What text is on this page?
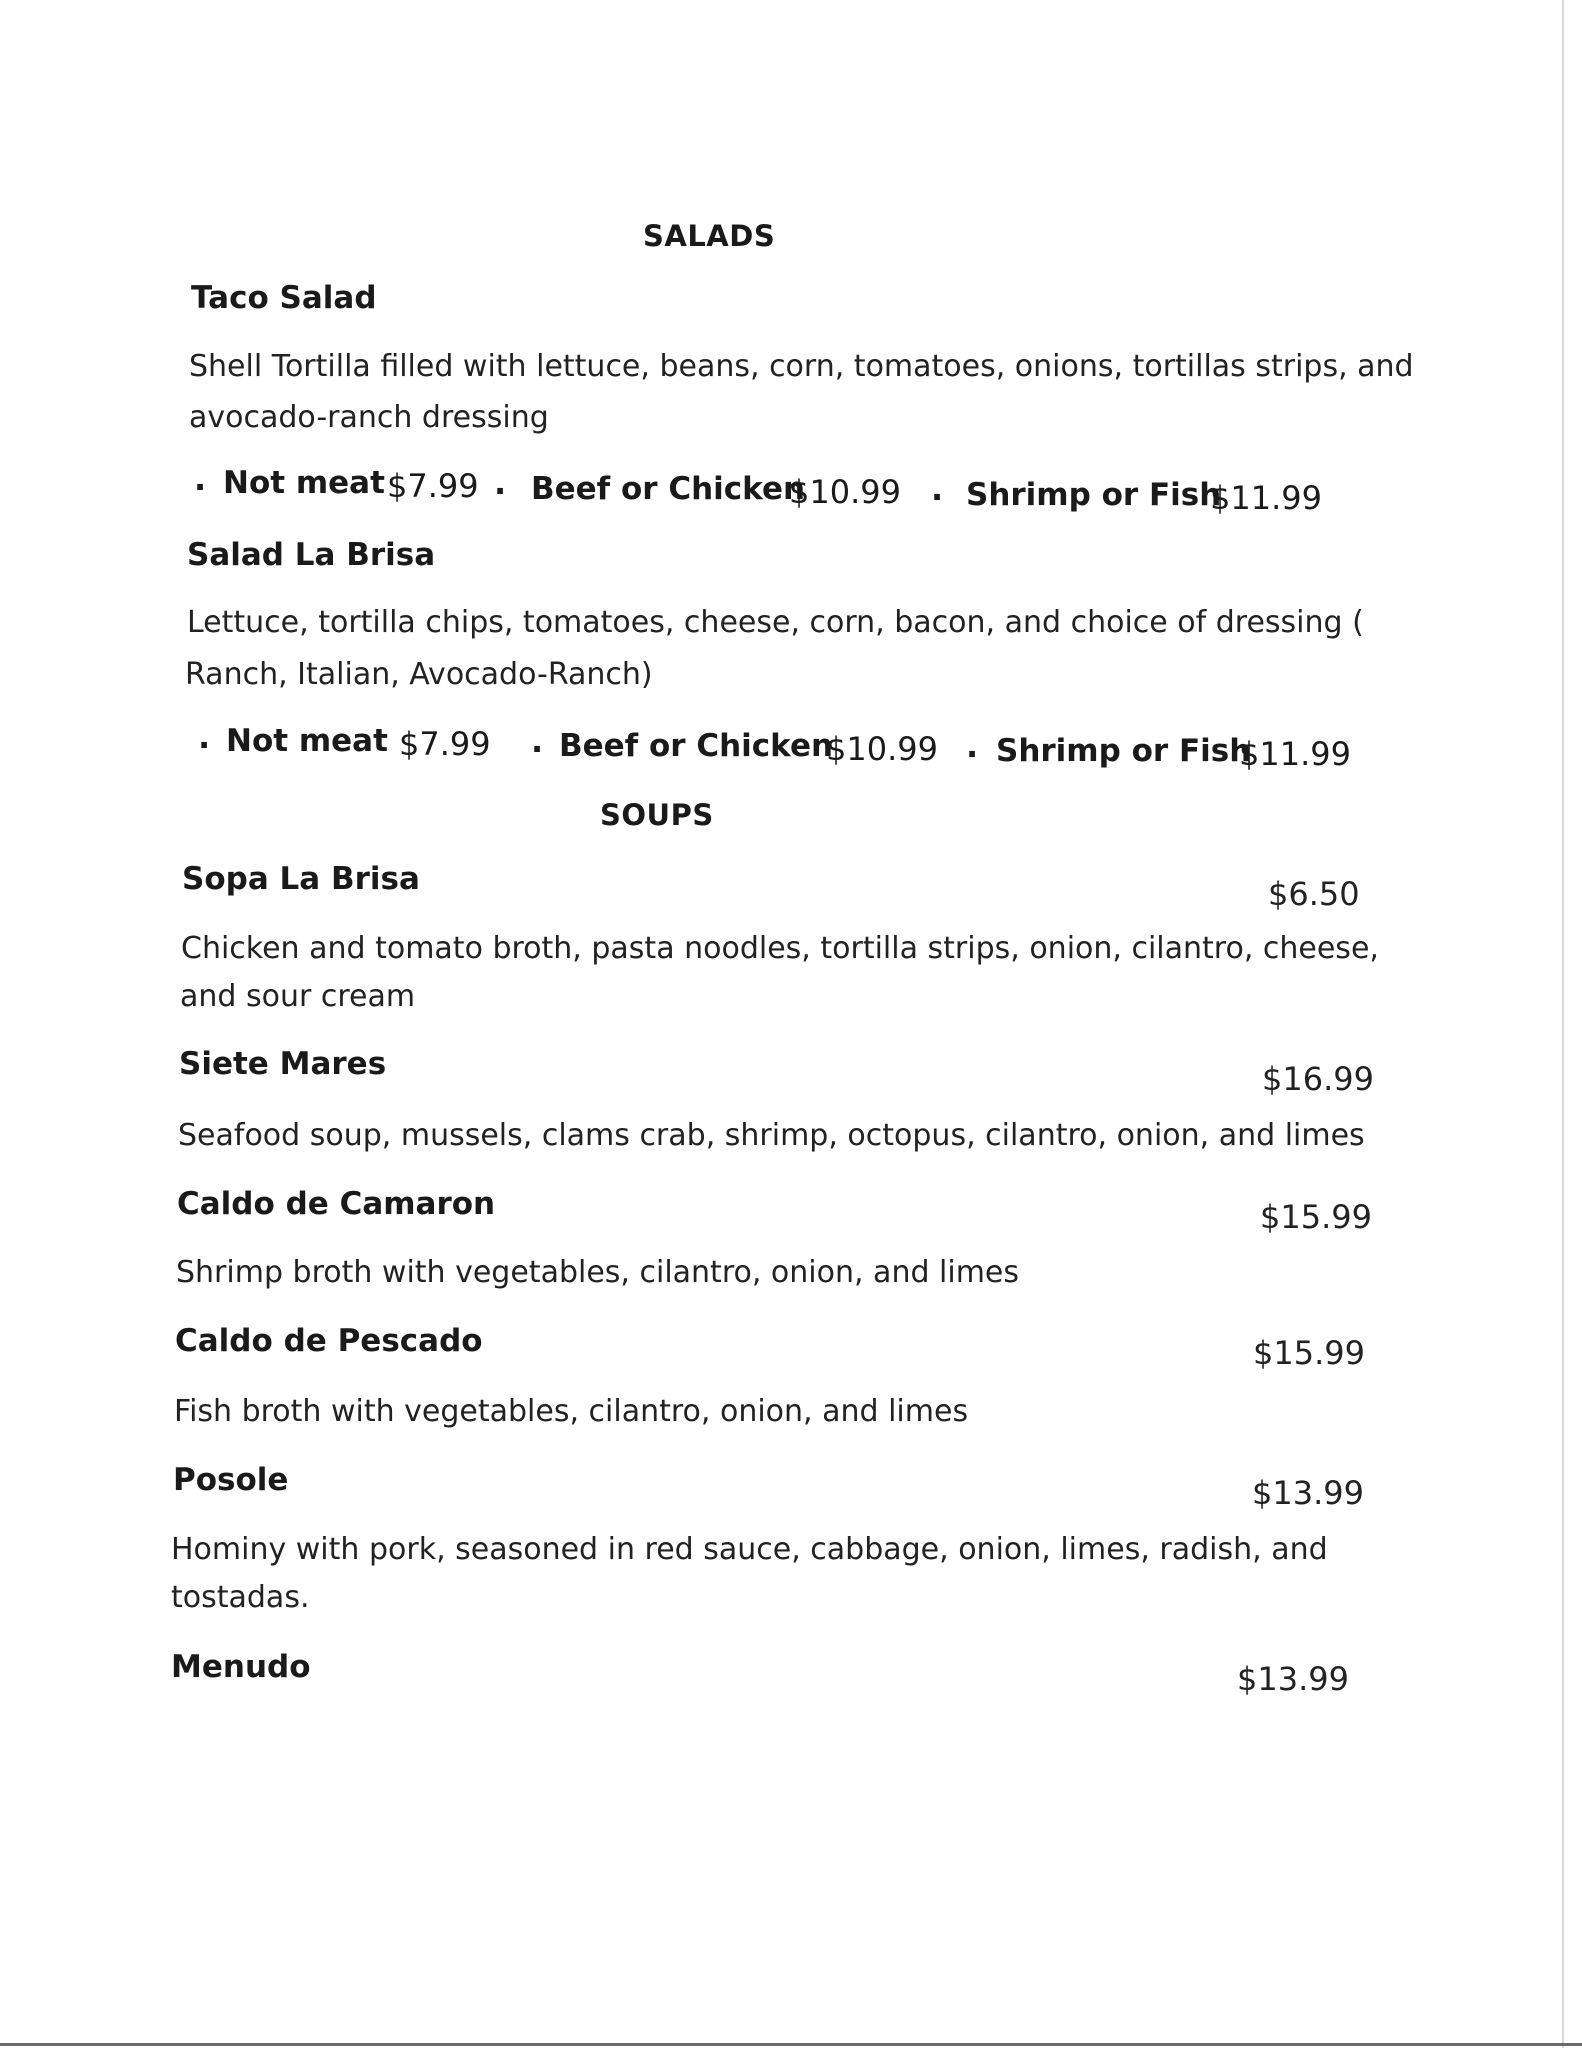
SALADS
Taco Salad
Shell Tortilla filled with lettuce, beans, corn, tomatoes, onions, tortillas strips, and
avocado-ranch dressing
. Not meat $7.99 . Beef or Chicken
$10.99 . Shrimp or Fish
$11.99
Salad La Brisa
Lettuce, tortilla chips, tomatoes, cheese, corn, bacon, and choice of dressing (
Ranch, Italian, Avocado-Ranch)
. Not meat $7.99 . Beef or Chicken
$10.99 . Shrimp or Fish
$11.99
SOUPS
Sopa La Brisa	$6.50
Chicken and tomato broth, pasta noodles, tortilla strips, onion, cilantro, cheese,
and sour cream
Siete Mares	$16.99
Seafood soup, mussels, clams crab, shrimp, octopus, cilantro, onion, and limes
Caldo de Camaron	$15.99
Shrimp broth with vegetables, cilantro, onion, and limes
Caldo de Pescado	$15.99
Fish broth with vegetables, cilantro, onion, and limes
Posole	$13.99
Hominy with pork, seasoned in red sauce, cabbage, onion, limes, radish, and
tostadas.
Menudo	$13.99
